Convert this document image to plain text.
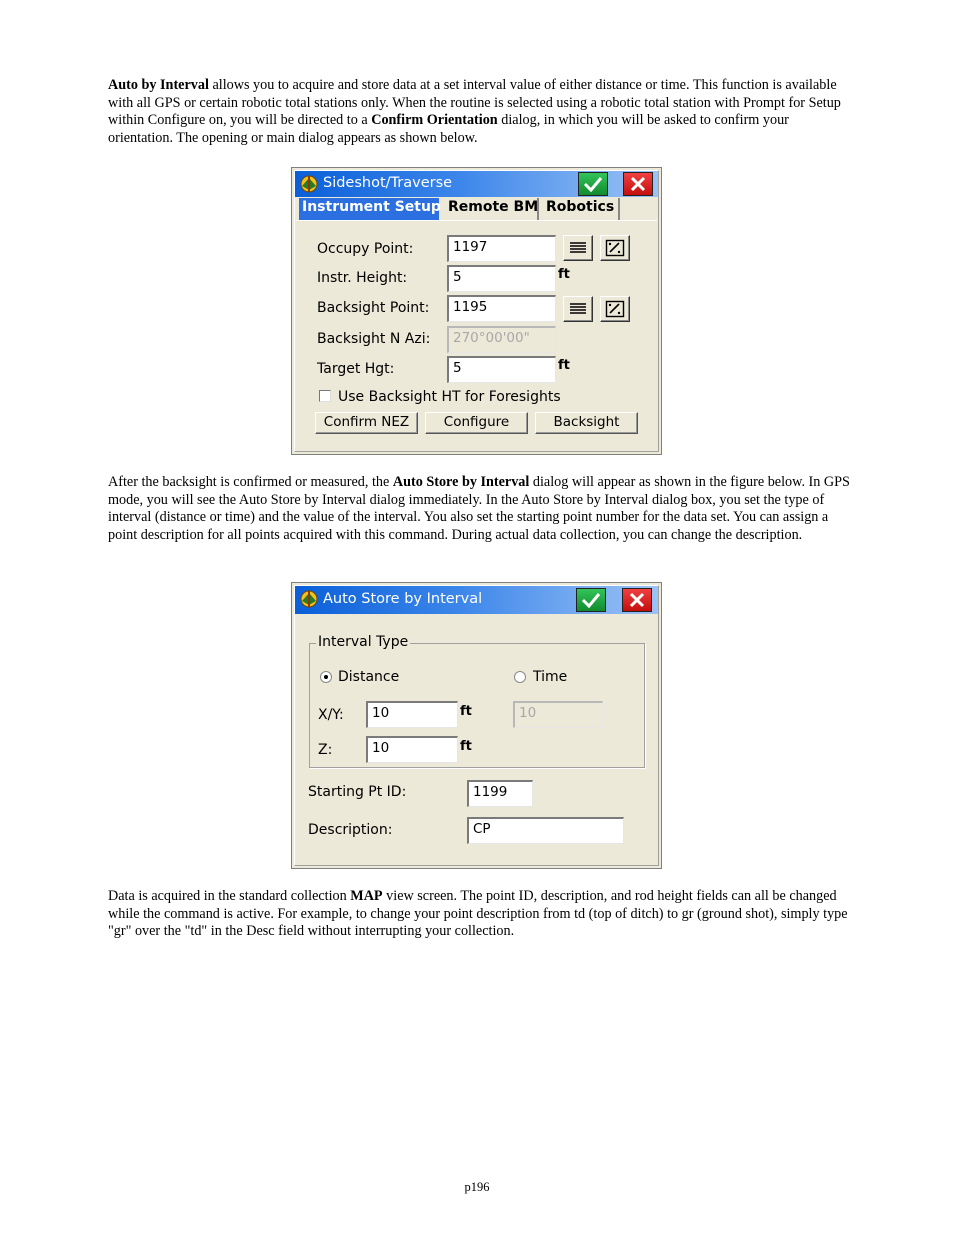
Auto by Interval allows you to acquire and store data at a set interval value of either distance or time. This function is available with all GPS or certain robotic total stations only. When the routine is selected using a robotic total station with Prompt for Setup within Configure on, you will be directed to a Confirm Orientation dialog, in which you will be asked to confirm your orientation. The opening or main dialog appears as shown below.
Sideshot/Traverse
Instrument Setup Remote BM Robotics
Occupy Point:	1197
Instr. Height:	5	ft
Backsight Point:	1195
Backsight N Azi:	270°00'00"
Target Hgt:	5	ft
Use Backsight HT for Foresights
Confirm NEZ	Configure	Backsight
After the backsight is confirmed or measured, the Auto Store by Interval dialog will appear as shown in the figure below. In GPS mode, you will see the Auto Store by Interval dialog immediately. In the Auto Store by Interval dialog box, you set the type of interval (distance or time) and the value of the interval. You also set the starting point number for the data set. You can assign a point description for all points acquired with this command. During actual data collection, you can change the description.
Auto Store by Interval
Interval Type
Distance	Time
X/Y:	10	ft	10
Z:	10	ft
Starting Pt ID:	1199
Description:	CP
Data is acquired in the standard collection MAP view screen. The point ID, description, and rod height fields can all be changed while the command is active. For example, to change your point description from td (top of ditch) to gr (ground shot), simply type "gr" over the "td" in the Desc field without interrupting your collection.
p196
